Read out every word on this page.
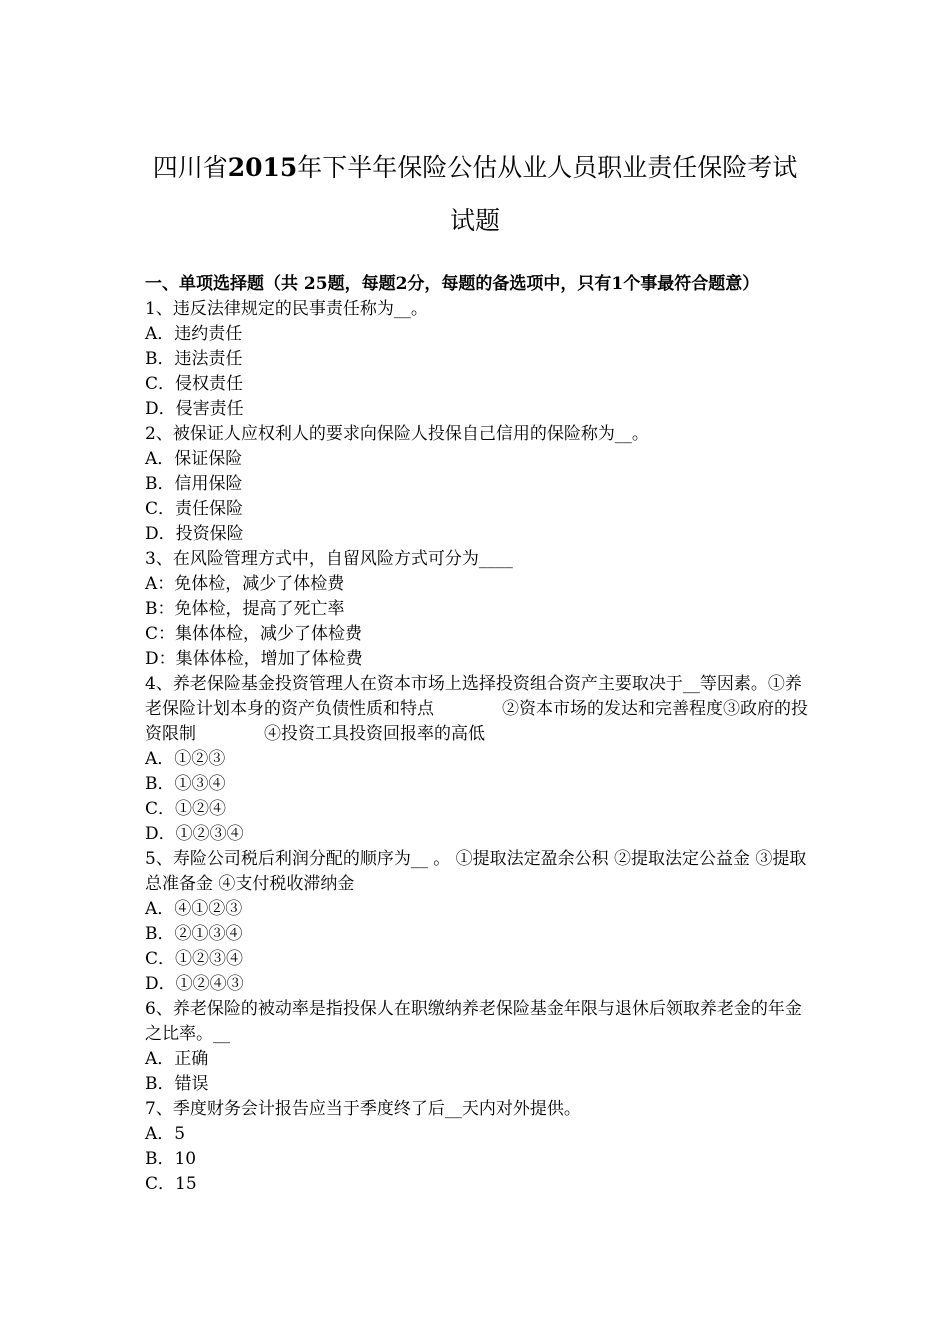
四川省2015年下半年保险公估从业人员职业责任保险考试
试题
一、单项选择题（共 25题，每题2分，每题的备选项中，只有1个事最符合题意）
1、违反法律规定的民事责任称为__。
A．违约责任
B．违法责任
C．侵权责任
D．侵害责任
2、被保证人应权利人的要求向保险人投保自己信用的保险称为__。
A．保证保险
B．信用保险
C．责任保险
D．投资保险
3、在风险管理方式中，自留风险方式可分为____
A：免体检，减少了体检费
B：免体检，提高了死亡率
C：集体体检，减少了体检费
D：集体体检，增加了体检费
4、养老保险基金投资管理人在资本市场上选择投资组合资产主要取决于__等因素。①养老保险计划本身的资产负债性质和特点　　　　②资本市场的发达和完善程度③政府的投资限制　　　　④投资工具投资回报率的高低
A．①②③
B．①③④
C．①②④
D．①②③④
5、寿险公司税后利润分配的顺序为__ 。 ①提取法定盈余公积 ②提取法定公益金 ③提取总准备金 ④支付税收滞纳金
A．④①②③
B．②①③④
C．①②③④
D．①②④③
6、养老保险的被动率是指投保人在职缴纳养老保险基金年限与退休后领取养老金的年金之比率。__
A．正确
B．错误
7、季度财务会计报告应当于季度终了后__天内对外提供。
A．5
B．10
C．15
